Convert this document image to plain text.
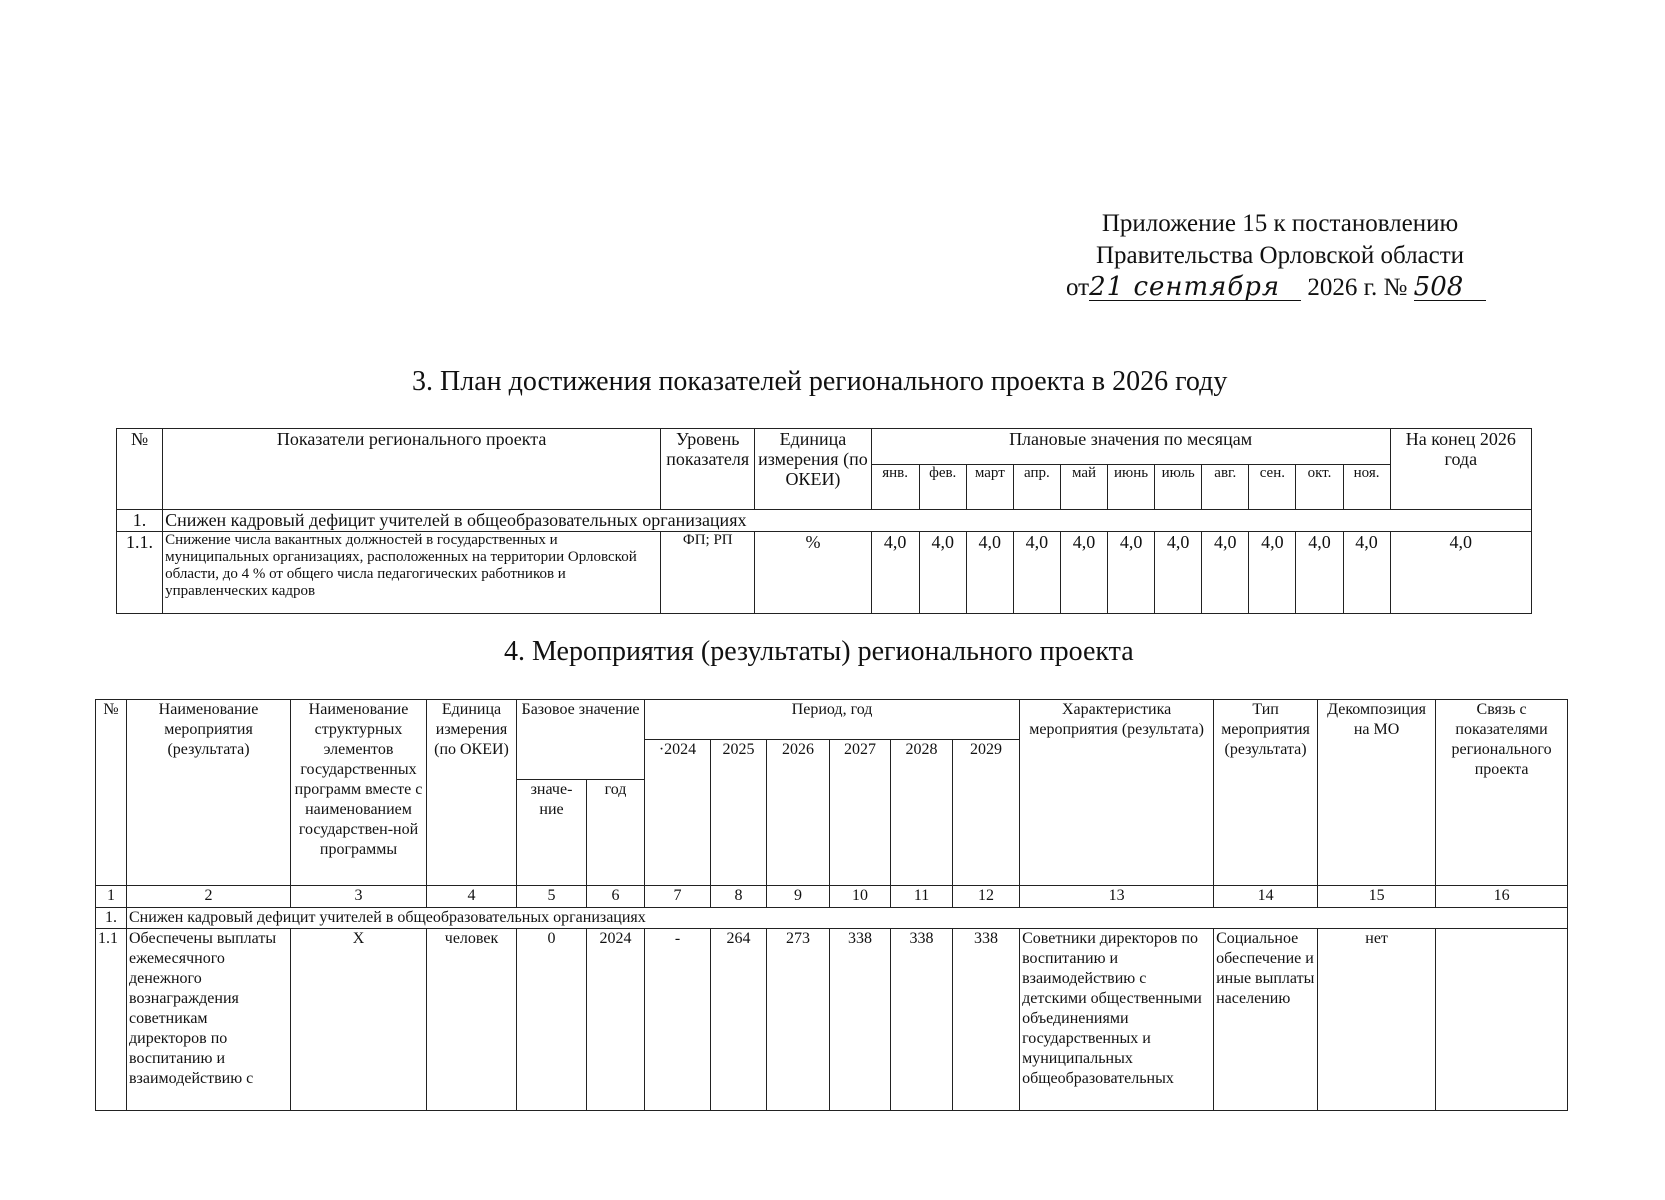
Приложение 15 к постановлению
Правительства Орловской области
от21 сентября 2026 г. № 508
3. План достижения показателей регионального проекта в 2026 году
№	Показатели регионального проекта	Уровень показателя	Единица измерения (по ОКЕИ)	Плановые значения по месяцам											На конец 2026 года
				янв.	фев.	март	апр.	май	июнь	июль	авг.	сен.	окт.	ноя.	
1.	Снижен кадровый дефицит учителей в общеобразовательных организациях														
1.1.	Снижение числа вакантных должностей в государственных и муниципальных организациях, расположенных на территории Орловской области, до 4 % от общего числа педагогических работников и управленческих кадров	ФП; РП	%	4,0	4,0	4,0	4,0	4,0	4,0	4,0	4,0	4,0	4,0	4,0	4,0
4. Мероприятия (результаты) регионального проекта
№	Наименование мероприятия (результата)	Наименование структурных элементов государственных программ вместе с наименованием государствен-ной программы	Единица измерения (по ОКЕИ)	Базовое значение		Период, год						Характеристика мероприятия (результата)	Тип мероприятия (результата)	Декомпозиция на МО	Связь с показателями регионального проекта
						·2024	2025	2026	2027	2028	2029				
				значе-ние	год										
1	2	3	4	5	6	7	8	9	10	11	12	13	14	15	16
1.	Снижен кадровый дефицит учителей в общеобразовательных организациях														
1.1	Обеспечены выплаты ежемесячного денежного вознаграждения советникам директоров по воспитанию и взаимодействию с	X	человек	0	2024	-	264	273	338	338	338	Советники директоров по воспитанию и взаимодействию с детскими общественными объединениями государственных и муниципальных общеобразовательных	Социальное обеспечение и иные выплаты населению	нет	
